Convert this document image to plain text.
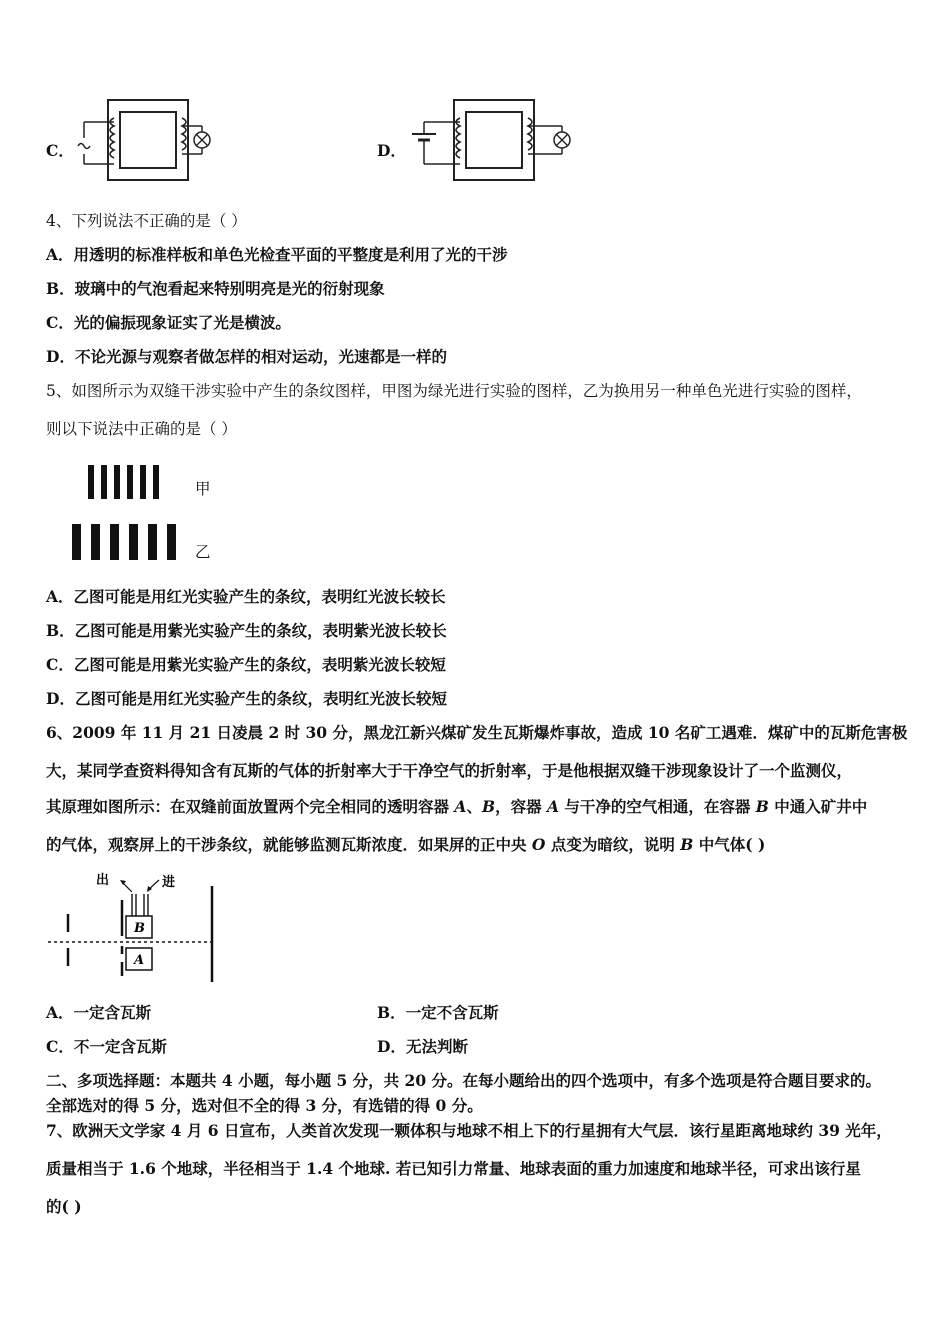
C．	D．
4、下列说法不正确的是（ ）
A．用透明的标准样板和单色光检查平面的平整度是利用了光的干涉
B．玻璃中的气泡看起来特别明亮是光的衍射现象
C．光的偏振现象证实了光是横波。
D．不论光源与观察者做怎样的相对运动，光速都是一样的
5、如图所示为双缝干涉实验中产生的条纹图样，甲图为绿光进行实验的图样，乙为换用另一种单色光进行实验的图样，
则以下说法中正确的是（ ）
甲
乙
A．乙图可能是用红光实验产生的条纹，表明红光波长较长
B．乙图可能是用紫光实验产生的条纹，表明紫光波长较长
C．乙图可能是用紫光实验产生的条纹，表明紫光波长较短
D．乙图可能是用红光实验产生的条纹，表明红光波长较短
6、2009 年 11 月 21 日凌晨 2 时 30 分，黑龙江新兴煤矿发生瓦斯爆炸事故，造成 10 名矿工遇难．煤矿中的瓦斯危害极
大，某同学查资料得知含有瓦斯的气体的折射率大于干净空气的折射率，于是他根据双缝干涉现象设计了一个监测仪，
其原理如图所示：在双缝前面放置两个完全相同的透明容器 A、B，容器 A 与干净的空气相通，在容器 B 中通入矿井中
的气体，观察屏上的干涉条纹，就能够监测瓦斯浓度．如果屏的正中央 O 点变为暗纹，说明 B 中气体( )
出	进
B
A
A．一定含瓦斯	B．一定不含瓦斯
C．不一定含瓦斯	D．无法判断
二、多项选择题：本题共 4 小题，每小题 5 分，共 20 分。在每小题给出的四个选项中，有多个选项是符合题目要求的。
全部选对的得 5 分，选对但不全的得 3 分，有选错的得 0 分。
7、欧洲天文学家 4 月 6 日宣布，人类首次发现一颗体积与地球不相上下的行星拥有大气层．该行星距离地球约 39 光年，
质量相当于 1.6 个地球，半径相当于 1.4 个地球. 若已知引力常量、地球表面的重力加速度和地球半径，可求出该行星
的( )
